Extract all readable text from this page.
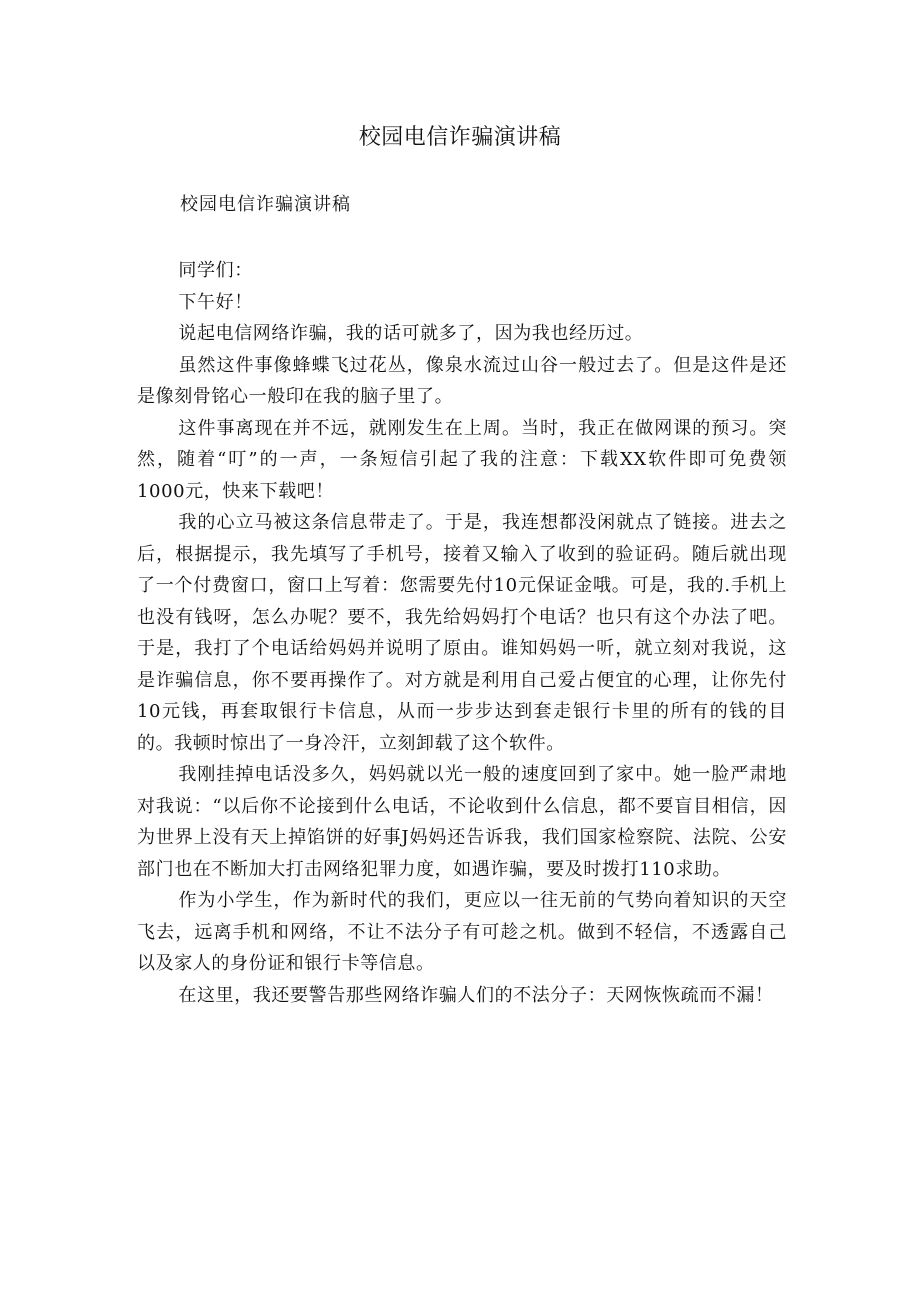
校园电信诈骗演讲稿

校园电信诈骗演讲稿

同学们：

下午好！

说起电信网络诈骗，我的话可就多了，因为我也经历过。

虽然这件事像蜂蝶飞过花丛，像泉水流过山谷一般过去了。但是这件是还是像刻骨铭心一般印在我的脑子里了。

这件事离现在并不远，就刚发生在上周。当时，我正在做网课的预习。突然，随着“叮”的一声，一条短信引起了我的注意：下载XX软件即可免费领1000元，快来下载吧！

我的心立马被这条信息带走了。于是，我连想都没闲就点了链接。进去之后，根据提示，我先填写了手机号，接着又输入了收到的验证码。随后就出现了一个付费窗口，窗口上写着：您需要先付10元保证金哦。可是，我的.手机上也没有钱呀，怎么办呢？要不，我先给妈妈打个电话？也只有这个办法了吧。于是，我打了个电话给妈妈并说明了原由。谁知妈妈一听，就立刻对我说，这是诈骗信息，你不要再操作了。对方就是利用自己爱占便宜的心理，让你先付10元钱，再套取银行卡信息，从而一步步达到套走银行卡里的所有的钱的目的。我顿时惊出了一身冷汗，立刻卸载了这个软件。

我刚挂掉电话没多久，妈妈就以光一般的速度回到了家中。她一脸严肃地对我说：“以后你不论接到什么电话，不论收到什么信息，都不要盲目相信，因为世界上没有天上掉馅饼的好事J妈妈还告诉我，我们国家检察院、法院、公安部门也在不断加大打击网络犯罪力度，如遇诈骗，要及时拨打110求助。

作为小学生，作为新时代的我们，更应以一往无前的气势向着知识的天空飞去，远离手机和网络，不让不法分子有可趁之机。做到不轻信，不透露自己以及家人的身份证和银行卡等信息。

在这里，我还要警告那些网络诈骗人们的不法分子：天网恢恢疏而不漏！
